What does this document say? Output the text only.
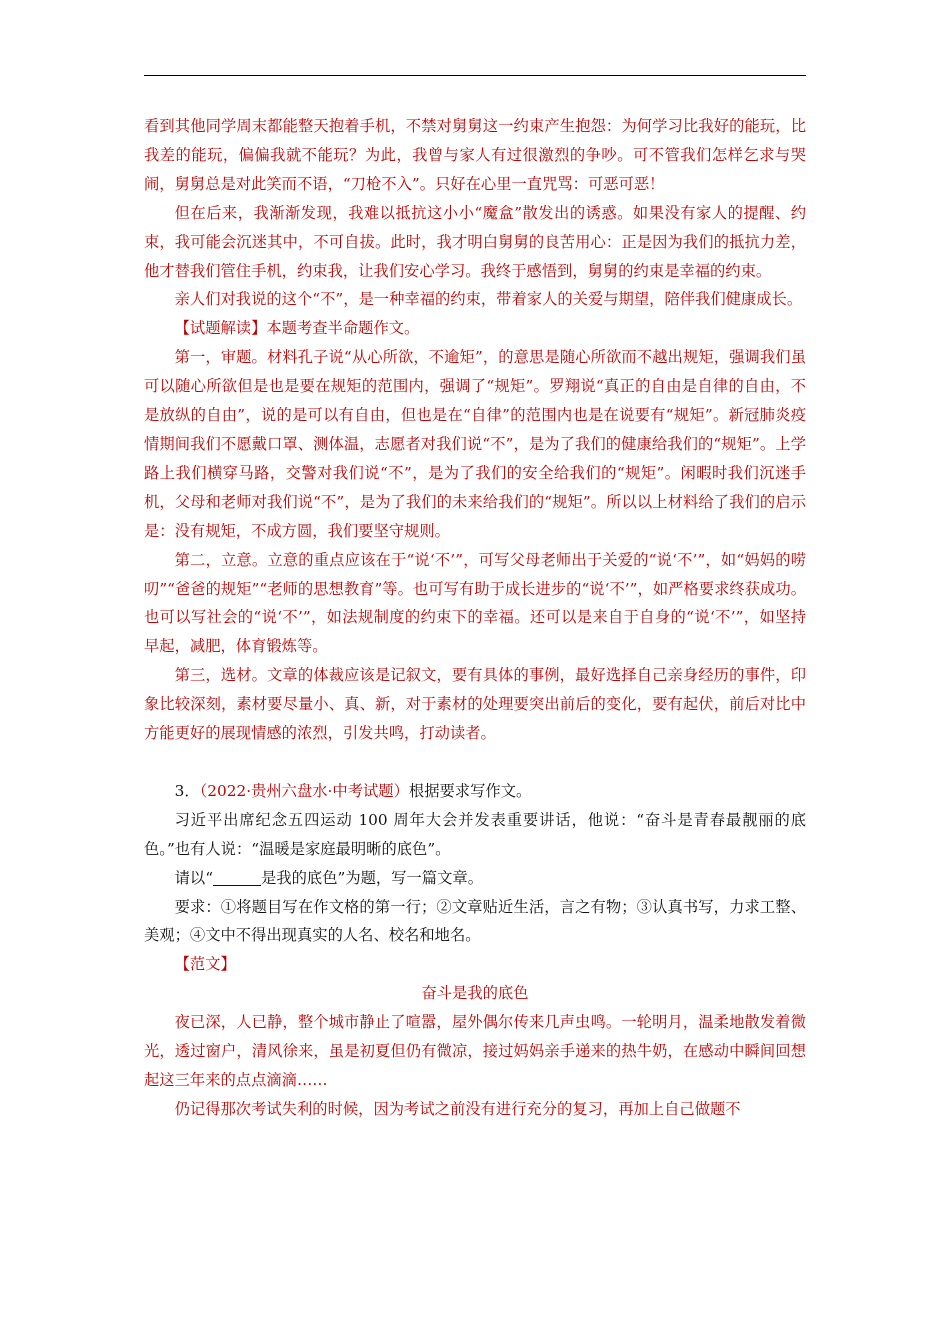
看到其他同学周末都能整天抱着手机，不禁对舅舅这一约束产生抱怨：为何学习比我好的能玩，比我差的能玩，偏偏我就不能玩？为此，我曾与家人有过很激烈的争吵。可不管我们怎样乞求与哭闹，舅舅总是对此笑而不语，“刀枪不入”。只好在心里一直咒骂：可恶可恶！

但在后来，我渐渐发现，我难以抵抗这小小“魔盒”散发出的诱惑。如果没有家人的提醒、约束，我可能会沉迷其中，不可自拔。此时，我才明白舅舅的良苦用心：正是因为我们的抵抗力差，他才替我们管住手机，约束我，让我们安心学习。我终于感悟到，舅舅的约束是幸福的约束。

亲人们对我说的这个“不”，是一种幸福的约束，带着家人的关爱与期望，陪伴我们健康成长。

【试题解读】本题考查半命题作文。

第一，审题。材料孔子说“从心所欲，不逾矩”，的意思是随心所欲而不越出规矩，强调我们虽可以随心所欲但是也是要在规矩的范围内，强调了“规矩”。罗翔说“真正的自由是自律的自由，不是放纵的自由”，说的是可以有自由，但也是在“自律”的范围内也是在说要有“规矩”。新冠肺炎疫情期间我们不愿戴口罩、测体温，志愿者对我们说“不”，是为了我们的健康给我们的“规矩”。上学路上我们横穿马路，交警对我们说“不”，是为了我们的安全给我们的“规矩”。闲暇时我们沉迷手机，父母和老师对我们说“不”，是为了我们的未来给我们的“规矩”。所以以上材料给了我们的启示是：没有规矩，不成方圆，我们要坚守规则。

第二，立意。立意的重点应该在于“说‘不’”，可写父母老师出于关爱的“说‘不’”，如“妈妈的唠叨”“爸爸的规矩”“老师的思想教育”等。也可写有助于成长进步的“说‘不’”，如严格要求终获成功。也可以写社会的“说‘不’”，如法规制度的约束下的幸福。还可以是来自于自身的“说‘不’”，如坚持早起，减肥，体育锻炼等。

第三，选材。文章的体裁应该是记叙文，要有具体的事例，最好选择自己亲身经历的事件，印象比较深刻，素材要尽量小、真、新，对于素材的处理要突出前后的变化，要有起伏，前后对比中方能更好的展现情感的浓烈，引发共鸣，打动读者。

3．（2022·贵州六盘水·中考试题）根据要求写作文。

习近平出席纪念五四运动 100 周年大会并发表重要讲话，他说：“奋斗是青春最靓丽的底色。”也有人说：“温暖是家庭最明晰的底色”。

请以“	是我的底色”为题，写一篇文章。

要求：①将题目写在作文格的第一行；②文章贴近生活，言之有物；③认真书写，力求工整、美观；④文中不得出现真实的人名、校名和地名。

【范文】

奋斗是我的底色

夜已深，人已静，整个城市静止了喧嚣，屋外偶尔传来几声虫鸣。一轮明月，温柔地散发着微光，透过窗户，清风徐来，虽是初夏但仍有微凉，接过妈妈亲手递来的热牛奶，在感动中瞬间回想起这三年来的点点滴滴……

仍记得那次考试失利的时候，因为考试之前没有进行充分的复习，再加上自己做题不
